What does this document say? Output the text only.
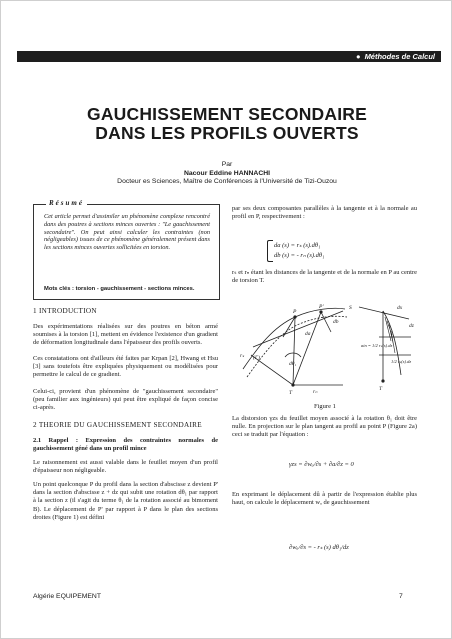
● Méthodes de Calcul
GAUCHISSEMENT SECONDAIRE
DANS LES PROFILS OUVERTS
Par
Nacour Eddine HANNACHI
Docteur es Sciences, Maître de Conférences à l'Université de Tizi-Ouzou
Résumé
Cet article permet d'assimiler un phénomène complexe rencontré dans des poutres à sections minces ouvertes : "Le gauchissement secondaire". On peut ainsi calculer les contraintes (non négligeables) issues de ce phénomène généralement présent dans les sections minces ouvertes sollicitées en torsion.
Mots clés : torsion - gauchissement - sections minces.
1 INTRODUCTION

Des expérimentations réalisées sur des poutres en béton armé soumises à la torsion [1], mettent en évidence l'existence d'un gradient de déformation longitudinale dans l'épaisseur des profils ouverts.

Ces constatations ont d'ailleurs été faites par Krpan [2], Hwang et Hsu [3] sans toutefois être expliquées physiquement ou modélisées pour permettre le calcul de ce gradient.

Celui-ci, provient d'un phénomène de "gauchissement secondaire" (peu familier aux ingénieurs) qui peut être expliqué de façon concise ci-après.

2 THEORIE DU GAUCHISSEMENT SECONDAIRE
2.1 Rappel : Expression des contraintes normales de gauchissement géné dans un profil mince

Le raisonnement est aussi valable dans le feuillet moyen d'un profil d'épaisseur non négligeable.

Un point quelconque P du profil dans la section d'abscisse z devient P' dans la section d'abscisse z + dz qui subit une rotation dθ₁ par rapport à la section z (il s'agit du terme θ₁ de la rotation associé au bimoment B). Le déplacement de P' par rapport à P dans le plan des sections droites (Figure 1) est défini

par ses deux composantes parallèles à la tangente et à la normale au profil en P, respectivement :

da (s) = rₛ (s).dθ₁
db (s) = - rₙ (s).dθ₁

rₛ et rₙ étant les distances de la tangente et de la normale en P au centre de torsion T.

P
P'
T
(Γ)
rₛ
rₙ
dθ₁
da
db
S	dx
dz
ain = 1/2 rₛ(s).dz
1/2 rₛ(s).dz
T
Figure 1

La distorsion γzs du feuillet moyen associé à la rotation θ₁ doit être nulle. En projection sur le plan tangent au profil au point P (Figure 2a) ceci se traduit par l'équation :

γzs = ∂wₐ/∂s + ∂a/∂z = 0

En exprimant le déplacement dû à partir de l'expression établie plus haut, on calcule le déplacement wₐ de gauchissement

∂wₐ/∂s = - rₛ (s) dθ₁/dz
Algérie EQUIPEMENT	7
